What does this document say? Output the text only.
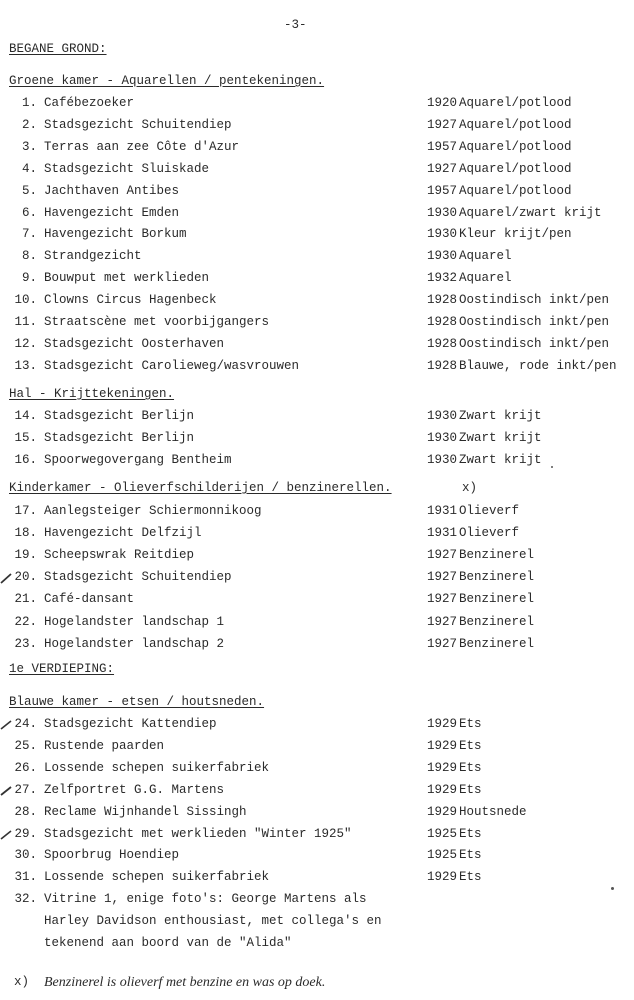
-3-
BEGANE GROND:
Groene kamer - Aquarellen / pentekeningen.
1. Cafébezoeker	1920 Aquarel/potlood
2. Stadsgezicht Schuitendiep	1927 Aquarel/potlood
3. Terras aan zee Côte d'Azur	1957 Aquarel/potlood
4. Stadsgezicht Sluiskade	1927 Aquarel/potlood
5. Jachthaven Antibes	1957 Aquarel/potlood
6. Havengezicht Emden	1930 Aquarel/zwart krijt
7. Havengezicht Borkum	1930 Kleur krijt/pen
8. Strandgezicht	1930 Aquarel
9. Bouwput met werklieden	1932 Aquarel
10. Clowns Circus Hagenbeck	1928 Oostindisch inkt/pen
11. Straatscène met voorbijgangers	1928 Oostindisch inkt/pen
12. Stadsgezicht Oosterhaven	1928 Oostindisch inkt/pen
13. Stadsgezicht Carolieweg/wasvrouwen	1928 Blauwe, rode inkt/pen
Hal - Krijttekeningen.
14. Stadsgezicht Berlijn	1930 Zwart krijt
15. Stadsgezicht Berlijn	1930 Zwart krijt
16. Spoorwegovergang Bentheim	1930 Zwart krijt
Kinderkamer - Olieverfschilderijen / benzinerellen.	x)
17. Aanlegsteiger Schiermonnikoog	1931 Olieverf
18. Havengezicht Delfzijl	1931 Olieverf
19. Scheepswrak Reitdiep	1927 Benzinerel
20. Stadsgezicht Schuitendiep	1927 Benzinerel
21. Café-dansant	1927 Benzinerel
22. Hogelandster landschap 1	1927 Benzinerel
23. Hogelandster landschap 2	1927 Benzinerel
1e VERDIEPING:
Blauwe kamer - etsen / houtsneden.
24. Stadsgezicht Kattendiep	1929 Ets
25. Rustende paarden	1929 Ets
26. Lossende schepen suikerfabriek	1929 Ets
27. Zelfportret G.G. Martens	1929 Ets
28. Reclame Wijnhandel Sissingh	1929 Houtsnede
29. Stadsgezicht met werklieden "Winter 1925"	1925 Ets
30. Spoorbrug Hoendiep	1925 Ets
31. Lossende schepen suikerfabriek	1929 Ets
32. Vitrine 1, enige foto's: George Martens als
Harley Davidson enthousiast, met collega's en
tekenend aan boord van de "Alida"
x) Benzinerel is olieverf met benzine en was op doek.
